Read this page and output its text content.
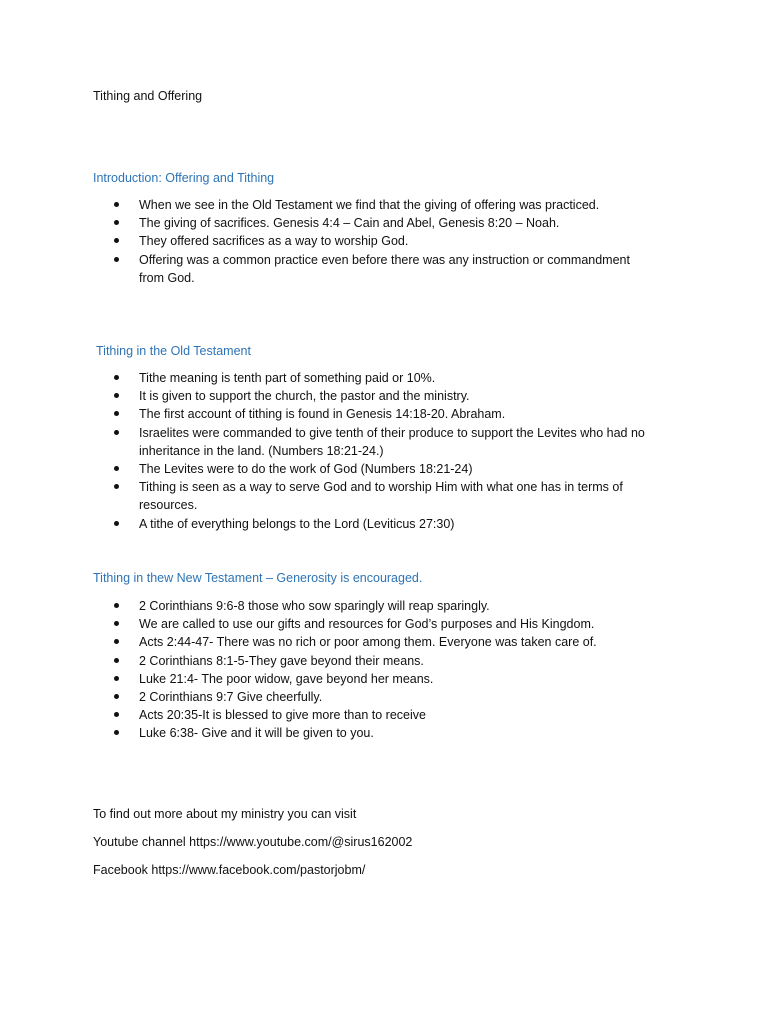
Tithing and Offering
Introduction: Offering and Tithing
When we see in the Old Testament we find that the giving of offering was practiced.
The giving of sacrifices. Genesis 4:4 – Cain and Abel, Genesis 8:20 – Noah.
They offered sacrifices as a way to worship God.
Offering was a common practice even before there was any instruction or commandment from God.
Tithing in the Old Testament
Tithe meaning is tenth part of something paid or 10%.
It is given to support the church, the pastor and the ministry.
The first account of tithing is found in Genesis 14:18-20. Abraham.
Israelites were commanded to give tenth of their produce to support the Levites who had no inheritance in the land. (Numbers 18:21-24.)
The Levites were to do the work of God (Numbers 18:21-24)
Tithing is seen as a way to serve God and to worship Him with what one has in terms of resources.
A tithe of everything belongs to the Lord (Leviticus 27:30)
Tithing in thew New Testament – Generosity is encouraged.
2 Corinthians 9:6-8 those who sow sparingly will reap sparingly.
We are called to use our gifts and resources for God’s purposes and His Kingdom.
Acts 2:44-47- There was no rich or poor among them. Everyone was taken care of.
2 Corinthians 8:1-5-They gave beyond their means.
Luke 21:4- The poor widow, gave beyond her means.
2 Corinthians 9:7 Give cheerfully.
Acts 20:35-It is blessed to give more than to receive
Luke 6:38- Give and it will be given to you.
To find out more about my ministry you can visit
Youtube channel https://www.youtube.com/@sirus162002
Facebook https://www.facebook.com/pastorjobm/
